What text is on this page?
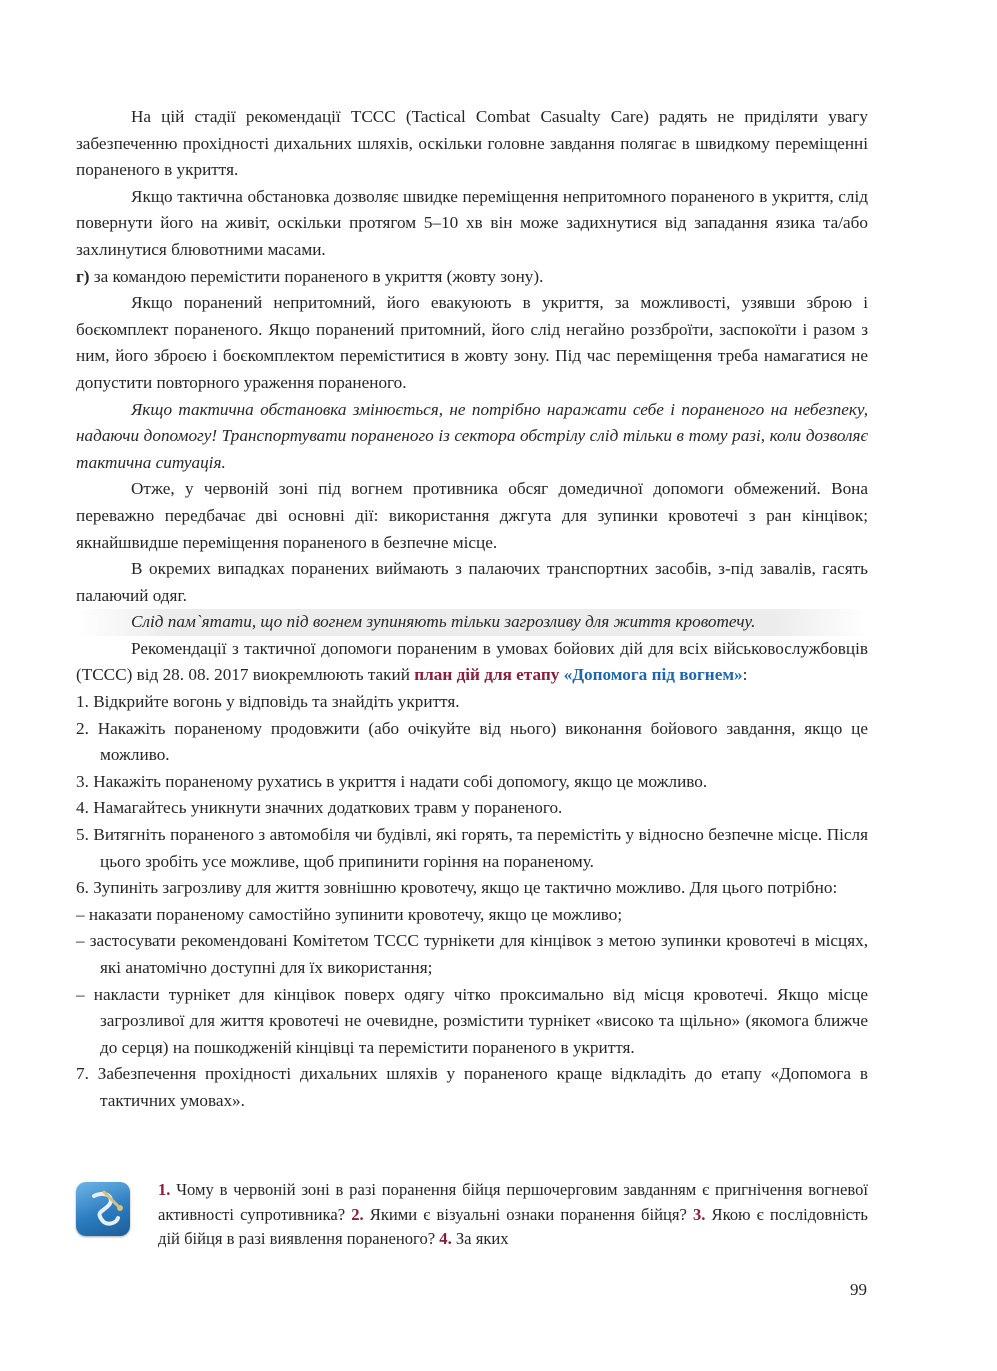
На цій стадії рекомендації TCCC (Tactical Combat Casualty Care) радять не приділяти увагу забезпеченню прохідності дихальних шляхів, оскільки головне завдання полягає в швидкому переміщенні пораненого в укриття.

Якщо тактична обстановка дозволяє швидке переміщення непритомного пораненого в укриття, слід повернути його на живіт, оскільки протягом 5–10 хв він може задихнутися від западання язика та/або захлинутися блювотними масами.

г) за командою перемістити пораненого в укриття (жовту зону).

Якщо поранений непритомний, його евакуюють в укриття, за можливості, узявши зброю і боєкомплект пораненого. Якщо поранений притомний, його слід негайно роззброїти, заспокоїти і разом з ним, його зброєю і боєкомплектом переміститися в жовту зону. Під час переміщення треба намагатися не допустити повторного ураження пораненого.

Якщо тактична обстановка змінюється, не потрібно наражати себе і пораненого на небезпеку, надаючи допомогу! Транспортувати пораненого із сектора обстрілу слід тільки в тому разі, коли дозволяє тактична ситуація.

Отже, у червоній зоні під вогнем противника обсяг домедичної допомоги обмежений. Вона переважно передбачає дві основні дії: використання джгута для зупинки кровотечі з ран кінцівок; якнайшвидше переміщення пораненого в безпечне місце.

В окремих випадках поранених виймають з палаючих транспортних засобів, з-під завалів, гасять палаючий одяг.

Слід пам`ятати, що під вогнем зупиняють тільки загрозливу для життя кровотечу.

Рекомендації з тактичної допомоги пораненим в умовах бойових дій для всіх військовослужбовців (TCCC) від 28. 08. 2017 виокремлюють такий план дій для етапу «Допомога під вогнем»:

1. Відкрийте вогонь у відповідь та знайдіть укриття.

2. Накажіть пораненому продовжити (або очікуйте від нього) виконання бойового завдання, якщо це можливо.

3. Накажіть пораненому рухатись в укриття і надати собі допомогу, якщо це можливо.

4. Намагайтесь уникнути значних додаткових травм у пораненого.

5. Витягніть пораненого з автомобіля чи будівлі, які горять, та перемістіть у відносно безпечне місце. Після цього зробіть усе можливе, щоб припинити горіння на пораненому.

6. Зупиніть загрозливу для життя зовнішню кровотечу, якщо це тактично можливо. Для цього потрібно:

– наказати пораненому самостійно зупинити кровотечу, якщо це можливо;

– застосувати рекомендовані Комітетом ТССС турнікети для кінцівок з метою зупинки кровотечі в місцях, які анатомічно доступні для їх використання;

– накласти турнікет для кінцівок поверх одягу чітко проксимально від місця кровотечі. Якщо місце загрозливої для життя кровотечі не очевидне, розмістити турнікет «високо та щільно» (якомога ближче до серця) на пошкодженій кінцівці та перемістити пораненого в укриття.

7. Забезпечення прохідності дихальних шляхів у пораненого краще відкладіть до етапу «Допомога в тактичних умовах».

1. Чому в червоній зоні в разі поранення бійця першочерговим завданням є пригнічення вогневої активності супротивника? 2. Якими є візуальні ознаки поранення бійця? 3. Якою є послідовність дій бійця в разі виявлення пораненого? 4. За яких

99
